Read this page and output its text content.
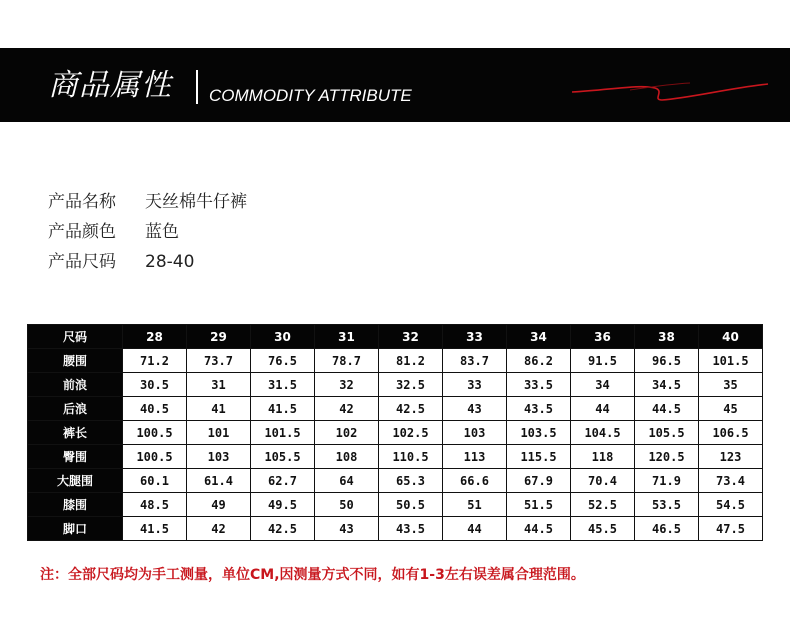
商品属性 COMMODITY ATTRIBUTE
产品名称 天丝棉牛仔裤
产品颜色 蓝色
产品尺码 28-40
尺码	28	29	30	31	32	33	34	36	38	40
腰围	71.2	73.7	76.5	78.7	81.2	83.7	86.2	91.5	96.5	101.5
前浪	30.5	31	31.5	32	32.5	33	33.5	34	34.5	35
后浪	40.5	41	41.5	42	42.5	43	43.5	44	44.5	45
裤长	100.5	101	101.5	102	102.5	103	103.5	104.5	105.5	106.5
臀围	100.5	103	105.5	108	110.5	113	115.5	118	120.5	123
大腿围	60.1	61.4	62.7	64	65.3	66.6	67.9	70.4	71.9	73.4
膝围	48.5	49	49.5	50	50.5	51	51.5	52.5	53.5	54.5
脚口	41.5	42	42.5	43	43.5	44	44.5	45.5	46.5	47.5
注：全部尺码均为手工测量，单位CM,因测量方式不同，如有1-3左右误差属合理范围。
